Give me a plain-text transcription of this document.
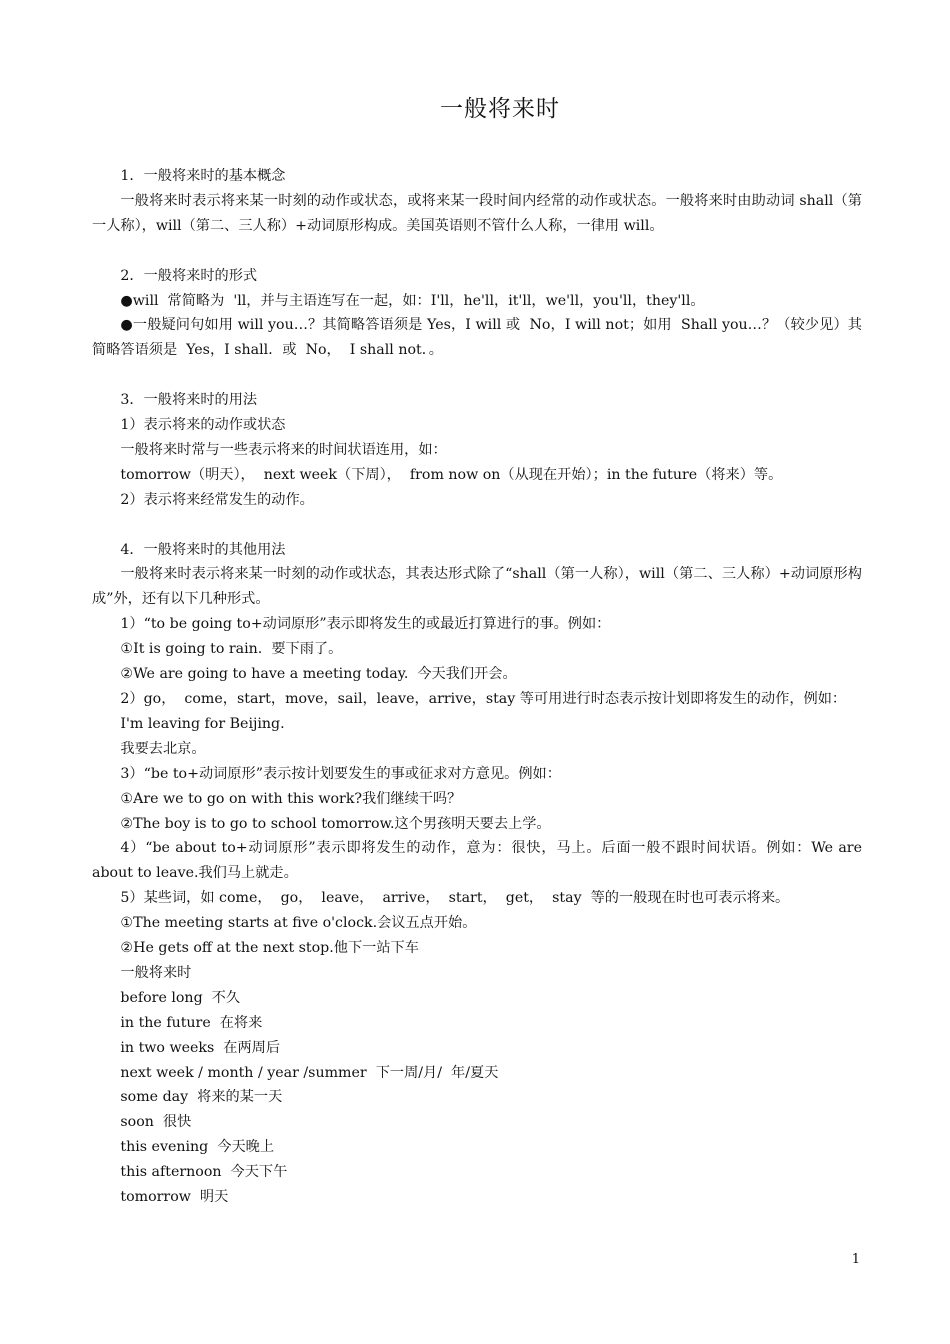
一般将来时
1．一般将来时的基本概念
一般将来时表示将来某一时刻的动作或状态，或将来某一段时间内经常的动作或状态。一般将来时由助动词 shall（第一人称），will（第二、三人称）+动词原形构成。美国英语则不管什么人称，一律用 will。
2．一般将来时的形式
●will  常简略为  'll，并与主语连写在一起，如：I'll，he'll，it'll，we'll，you'll，they'll。
●一般疑问句如用 will you…？其简略答语须是 Yes，I will 或  No，I will not；如用  Shall you…？（较少见）其简略答语须是  Yes，I shall．或  No，  I shall not．。
3．一般将来时的用法
1）表示将来的动作或状态
一般将来时常与一些表示将来的时间状语连用，如：
tomorrow（明天），  next week（下周），  from now on（从现在开始）；in the future（将来）等。
2）表示将来经常发生的动作。
4．一般将来时的其他用法
一般将来时表示将来某一时刻的动作或状态，其表达形式除了“shall（第一人称），will（第二、三人称）+动词原形构成”外，还有以下几种形式。
1）“to be going to+动词原形”表示即将发生的或最近打算进行的事。例如：
①It is going to rain.  要下雨了。
②We are going to have a meeting today.  今天我们开会。
2）go，  come，start，move，sail，leave，arrive，stay 等可用进行时态表示按计划即将发生的动作，例如：
I'm leaving for Beijing.
我要去北京。
3）“be to+动词原形”表示按计划要发生的事或征求对方意见。例如：
①Are we to go on with this work?我们继续干吗？
②The boy is to go to school tomorrow.这个男孩明天要去上学。
4）“be about to+动词原形”表示即将发生的动作，意为：很快，马上。后面一般不跟时间状语。例如：We are about to leave.我们马上就走。
5）某些词，如 come，  go，  leave，  arrive，  start，  get，  stay  等的一般现在时也可表示将来。
①The meeting starts at five o'clock.会议五点开始。
②He gets off at the next stop.他下一站下车
一般将来时
before long  不久
in the future  在将来
in two weeks  在两周后
next week / month / year /summer  下一周/月/  年/夏天
some day  将来的某一天
soon  很快
this evening  今天晚上
this afternoon  今天下午
tomorrow  明天
1
